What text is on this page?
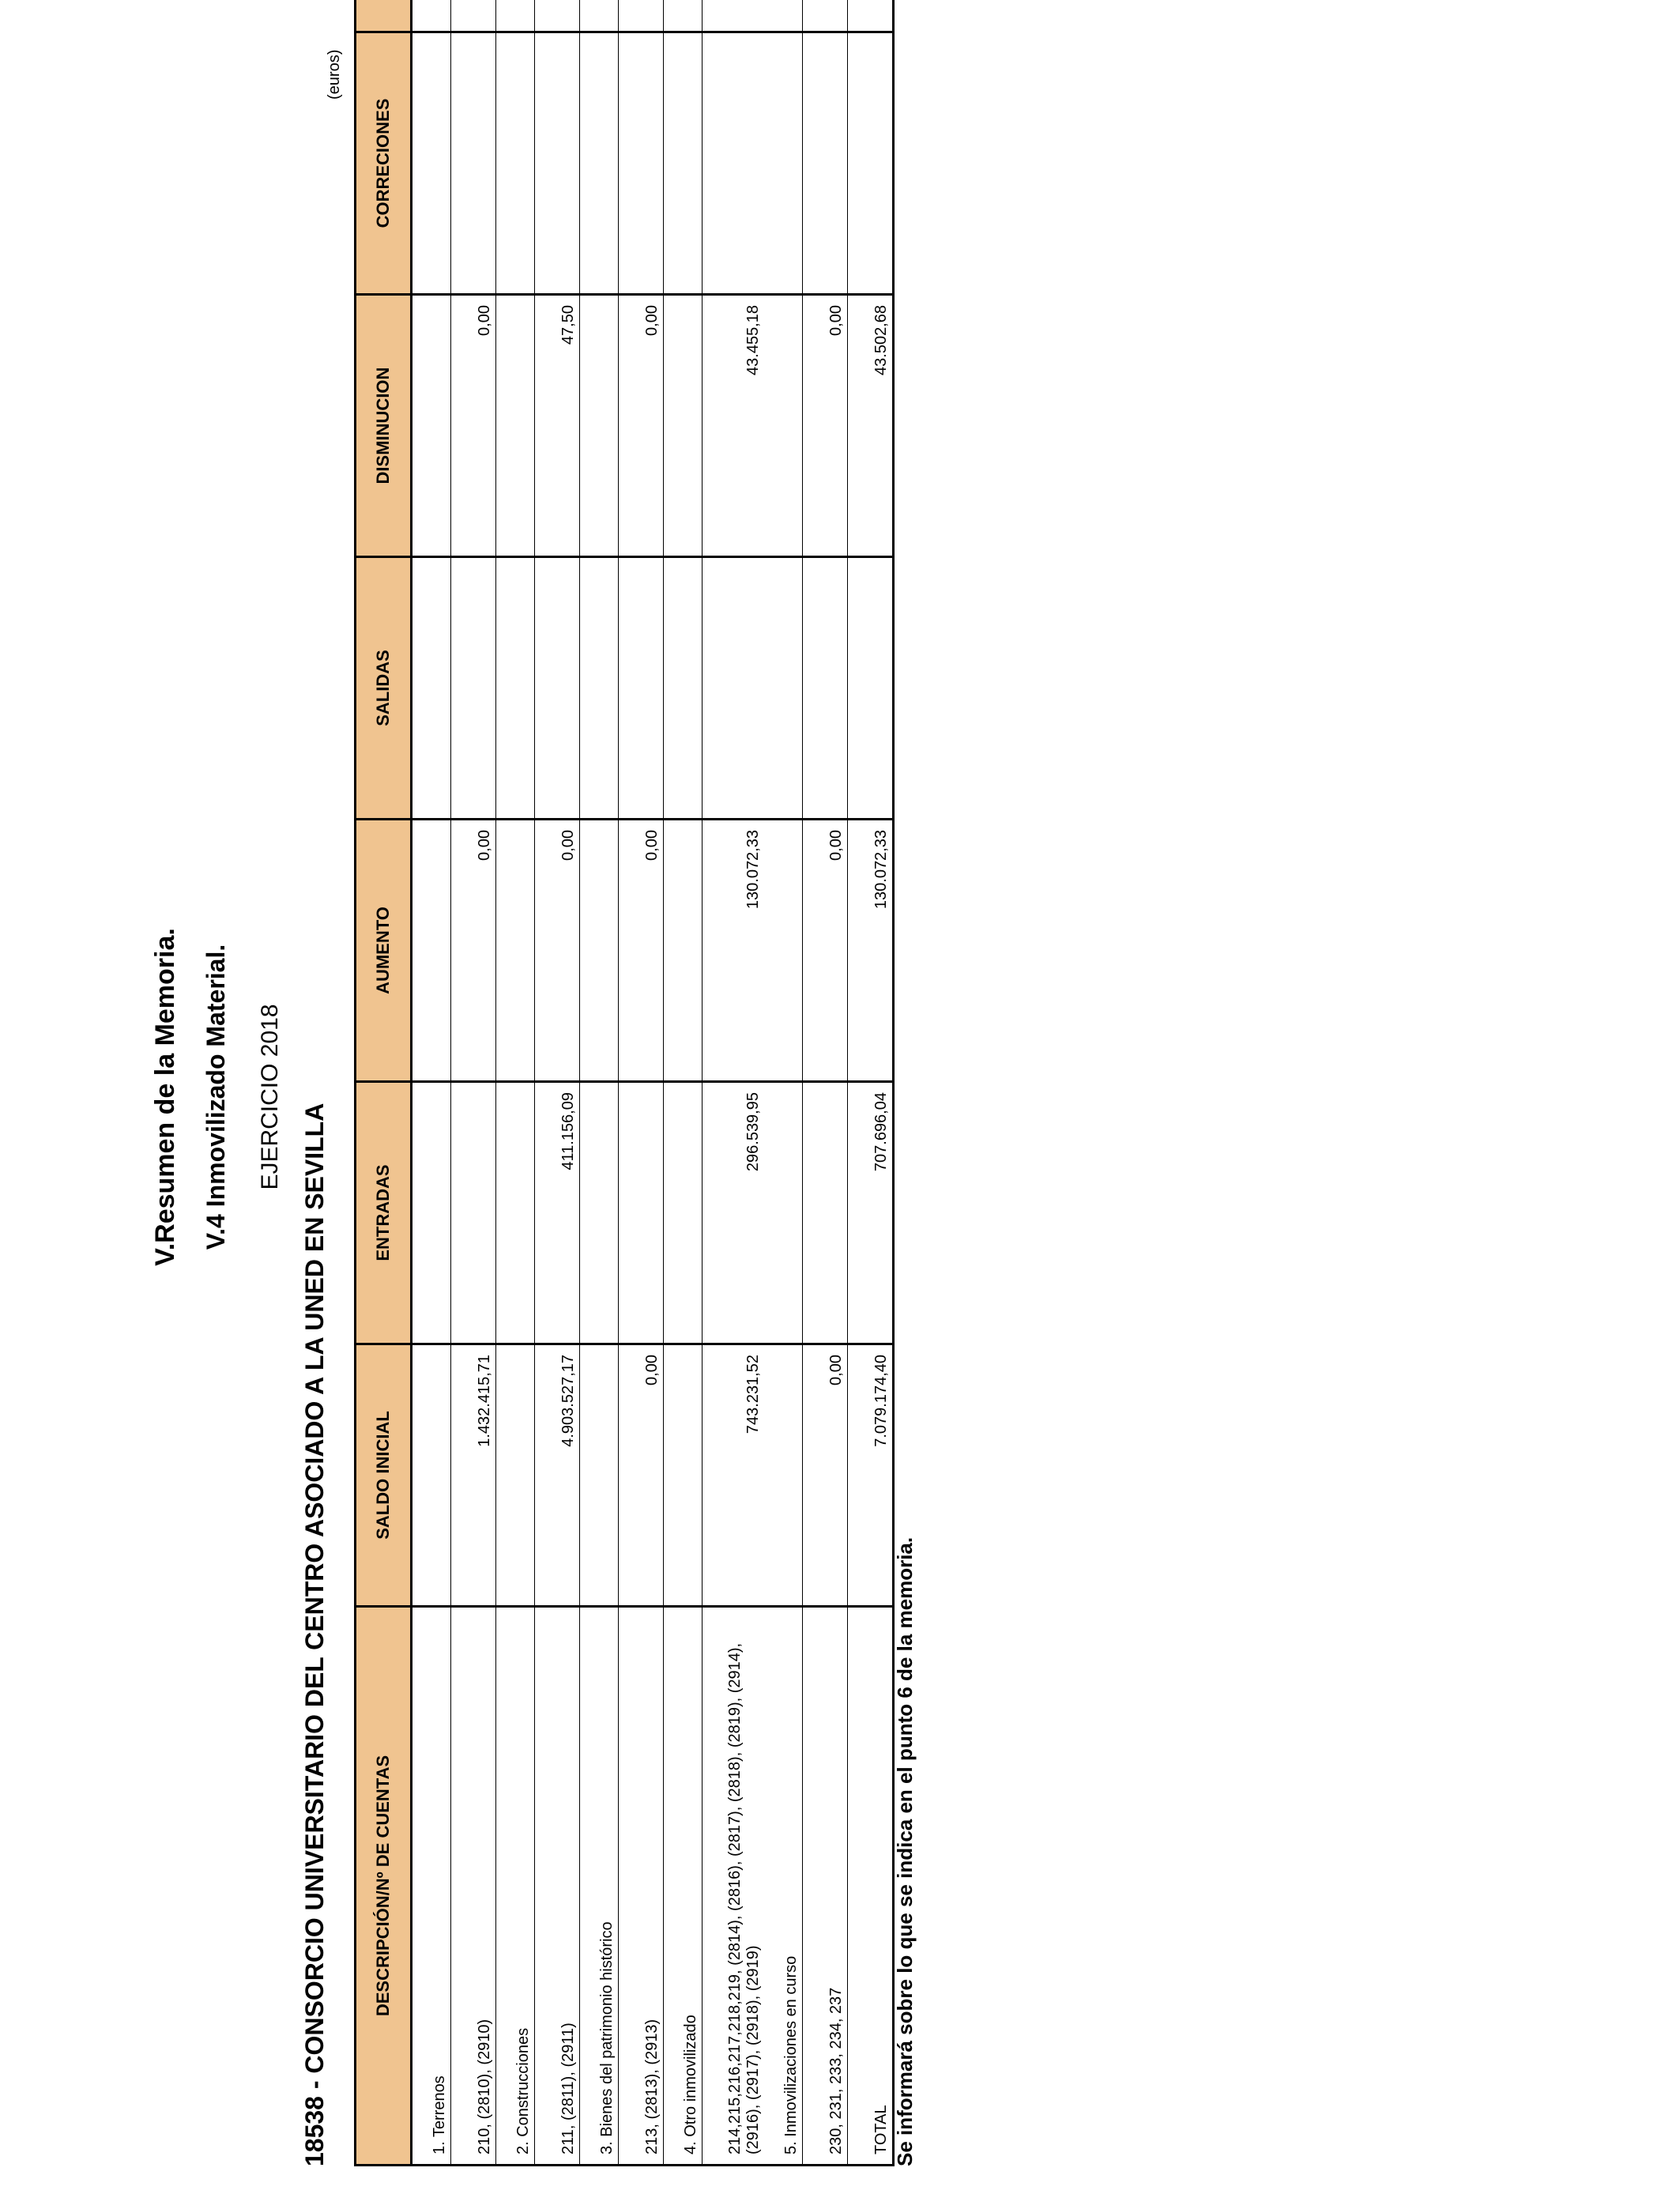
V.Resumen de la Memoria. V.4 Inmovilizado Material. EJERCICIO 2018
18538 - CONSORCIO UNIVERSITARIO DEL CENTRO ASOCIADO A LA UNED EN SEVILLA
(euros)
DESCRIPCIÓN/Nº DE CUENTAS	SALDO INICIAL	ENTRADAS	AUMENTO	SALIDAS	DISMINUCION	CORRECIONES		
1. Terrenos								
210, (2810), (2910)	1.432.415,71		0,00		0,00			
2. Construcciones								
211, (2811), (2911)	4.903.527,17	411.156,09	0,00		47,50			
3. Bienes del patrimonio histórico								
213, (2813), (2913)	0,00		0,00		0,00			
4. Otro inmovilizado								
214,215,216,217,218,219, (2814), (2816), (2817), (2818), (2819), (2914), (2916), (2917), (2918), (2919)	743.231,52	296.539,95	130.072,33		43.455,18			
5. Inmovilizaciones en curso								
230, 231, 233, 234, 237	0,00		0,00		0,00			
TOTAL	7.079.174,40	707.696,04	130.072,33		43.502,68			
Se informará sobre lo que se indica en el punto 6 de la memoria.
